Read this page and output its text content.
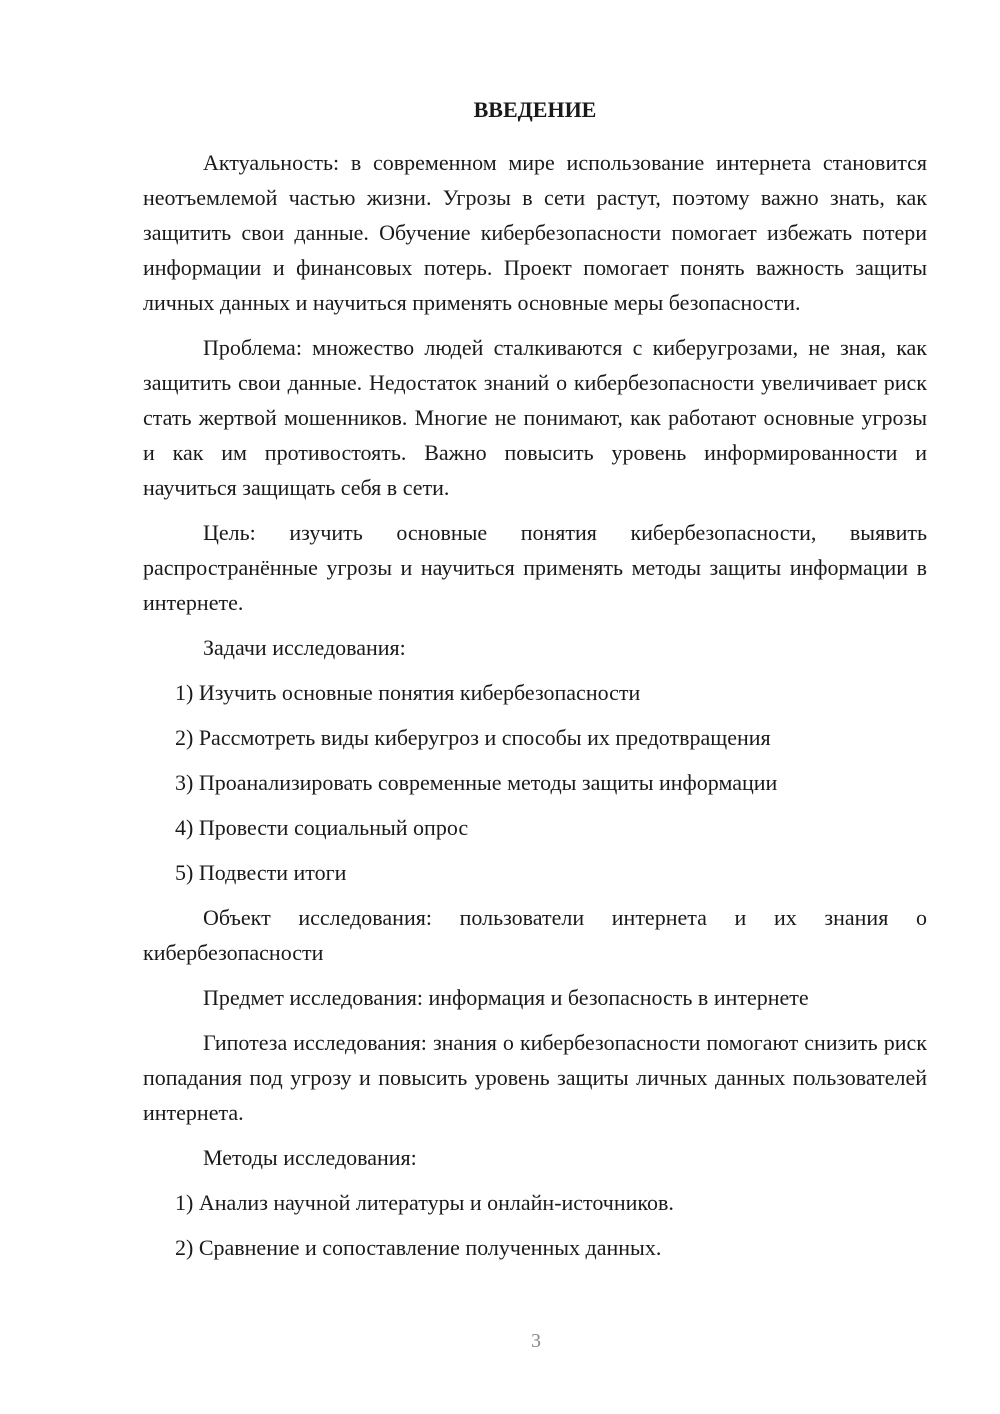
ВВЕДЕНИЕ

Актуальность: в современном мире использование интернета становится неотъемлемой частью жизни. Угрозы в сети растут, поэтому важно знать, как защитить свои данные. Обучение кибербезопасности помогает избежать потери информации и финансовых потерь. Проект помогает понять важность защиты личных данных и научиться применять основные меры безопасности.

Проблема: множество людей сталкиваются с киберугрозами, не зная, как защитить свои данные. Недостаток знаний о кибербезопасности увеличивает риск стать жертвой мошенников. Многие не понимают, как работают основные угрозы и как им противостоять. Важно повысить уровень информированности и научиться защищать себя в сети.

Цель: изучить основные понятия кибербезопасности, выявить распространённые угрозы и научиться применять методы защиты информации в интернете.

Задачи исследования:

1) Изучить основные понятия кибербезопасности
2) Рассмотреть виды киберугроз и способы их предотвращения
3) Проанализировать современные методы защиты информации
4) Провести социальный опрос
5) Подвести итоги

Объект исследования: пользователи интернета и их знания о кибербезопасности

Предмет исследования: информация и безопасность в интернете

Гипотеза исследования: знания о кибербезопасности помогают снизить риск попадания под угрозу и повысить уровень защиты личных данных пользователей интернета.

Методы исследования:

1) Анализ научной литературы и онлайн-источников.
2) Сравнение и сопоставление полученных данных.
3
